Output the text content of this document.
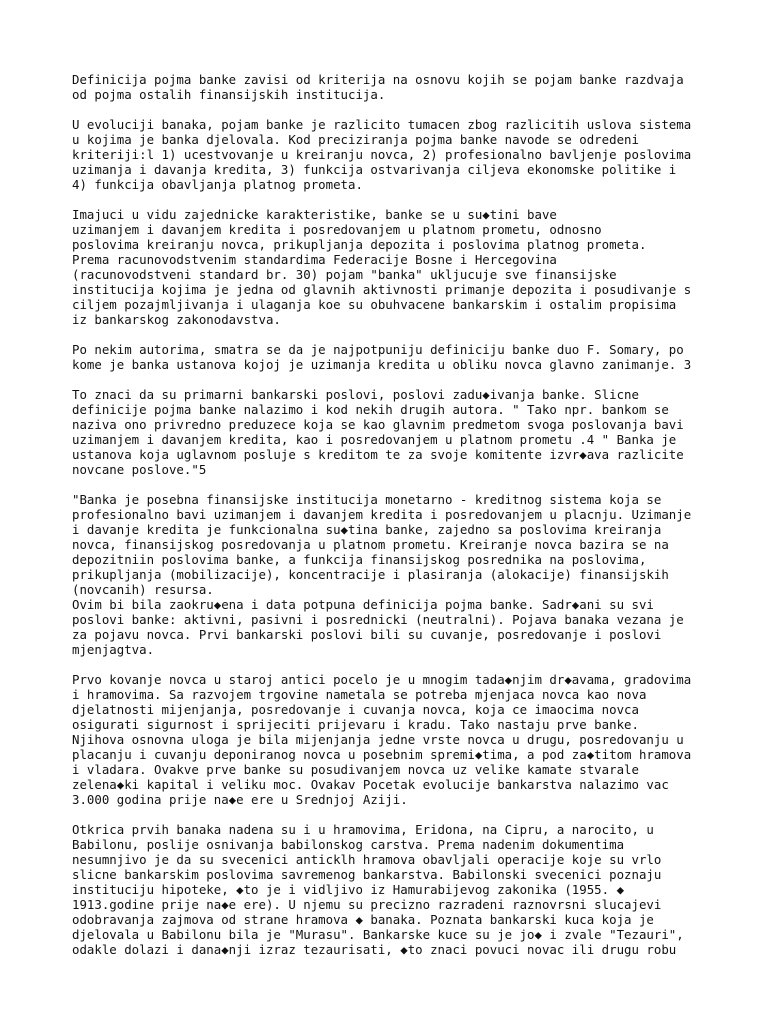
Definicija pojma banke zavisi od kriterija na osnovu kojih se pojam banke razdvaja
od pojma ostalih finansijskih institucija.

U evoluciji banaka, pojam banke je razlicito tumacen zbog razlicitih uslova sistema
u kojima je banka djelovala. Kod preciziranja pojma banke navode se odredeni
kriteriji:l 1) ucestvovanje u kreiranju novca, 2) profesionalno bavljenje poslovima
uzimanja i davanja kredita, 3) funkcija ostvarivanja ciljeva ekonomske politike i
4) funkcija obavljanja platnog prometa.

Imajuci u vidu zajednicke karakteristike, banke se u su◆tini bave
uzimanjem i davanjem kredita i posredovanjem u platnom prometu, odnosno
poslovima kreiranju novca, prikupljanja depozita i poslovima platnog prometa.
Prema racunovodstvenim standardima Federacije Bosne i Hercegovina
(racunovodstveni standard br. 30) pojam "banka" ukljucuje sve finansijske
institucija kojima je jedna od glavnih aktivnosti primanje depozita i posudivanje s
ciljem pozajmljivanja i ulaganja koe su obuhvacene bankarskim i ostalim propisima
iz bankarskog zakonodavstva.

Po nekim autorima, smatra se da je najpotpuniju definiciju banke duo F. Somary, po
kome je banka ustanova kojoj je uzimanja kredita u obliku novca glavno zanimanje. 3

To znaci da su primarni bankarski poslovi, poslovi zadu◆ivanja banke. Slicne
definicije pojma banke nalazimo i kod nekih drugih autora. " Tako npr. bankom se
naziva ono privredno preduzece koja se kao glavnim predmetom svoga poslovanja bavi
uzimanjem i davanjem kredita, kao i posredovanjem u platnom prometu .4 " Banka je
ustanova koja uglavnom posluje s kreditom te za svoje komitente izvr◆ava razlicite
novcane poslove."5

"Banka je posebna finansijske institucija monetarno - kreditnog sistema koja se
profesionalno bavi uzimanjem i davanjem kredita i posredovanjem u placnju. Uzimanje
i davanje kredita je funkcionalna su◆tina banke, zajedno sa poslovima kreiranja
novca, finansijskog posredovanja u platnom prometu. Kreiranje novca bazira se na
depozitniin poslovima banke, a funkcija finansijskog posrednika na poslovima,
prikupljanja (mobilizacije), koncentracije i plasiranja (alokacije) finansijskih
(novcanih) resursa.

Ovim bi bila zaokru◆ena i data potpuna definicija pojma banke. Sadr◆ani su svi
poslovi banke: aktivni, pasivni i posrednicki (neutralni). Pojava banaka vezana je
za pojavu novca. Prvi bankarski poslovi bili su cuvanje, posredovanje i poslovi
mjenjagtva.

Prvo kovanje novca u staroj antici pocelo je u mnogim tada◆njim dr◆avama, gradovima
i hramovima. Sa razvojem trgovine nametala se potreba mjenjaca novca kao nova
djelatnosti mijenjanja, posredovanje i cuvanja novca, koja ce imaocima novca
osigurati sigurnost i sprijeciti prijevaru i kradu. Tako nastaju prve banke.
Njihova osnovna uloga je bila mijenjanja jedne vrste novca u drugu, posredovanju u
placanju i cuvanju deponiranog novca u posebnim spremi◆tima, a pod za◆titom hramova
i vladara. Ovakve prve banke su posudivanjem novca uz velike kamate stvarale
zelena◆ki kapital i veliku moc. Ovakav Pocetak evolucije bankarstva nalazimo vac
3.000 godina prije na◆e ere u Srednjoj Aziji.

Otkrica prvih banaka nadena su i u hramovima, Eridona, na Cipru, a narocito, u
Babilonu, poslije osnivanja babilonskog carstva. Prema nadenim dokumentima
nesumnjivo je da su svecenici anticklh hramova obavljali operacije koje su vrlo
slicne bankarskim poslovima savremenog bankarstva. Babilonski svecenici poznaju
instituciju hipoteke, ◆to je i vidljivo iz Hamurabijevog zakonika (1955. ◆
1913.godine prije na◆e ere). U njemu su precizno razradeni raznovrsni slucajevi
odobravanja zajmova od strane hramova ◆ banaka. Poznata bankarski kuca koja je
djelovala u Babilonu bila je "Murasu". Bankarske kuce su je jo◆ i zvale "Tezauri",
odakle dolazi i dana◆nji izraz tezaurisati, ◆to znaci povuci novac ili drugu robu
